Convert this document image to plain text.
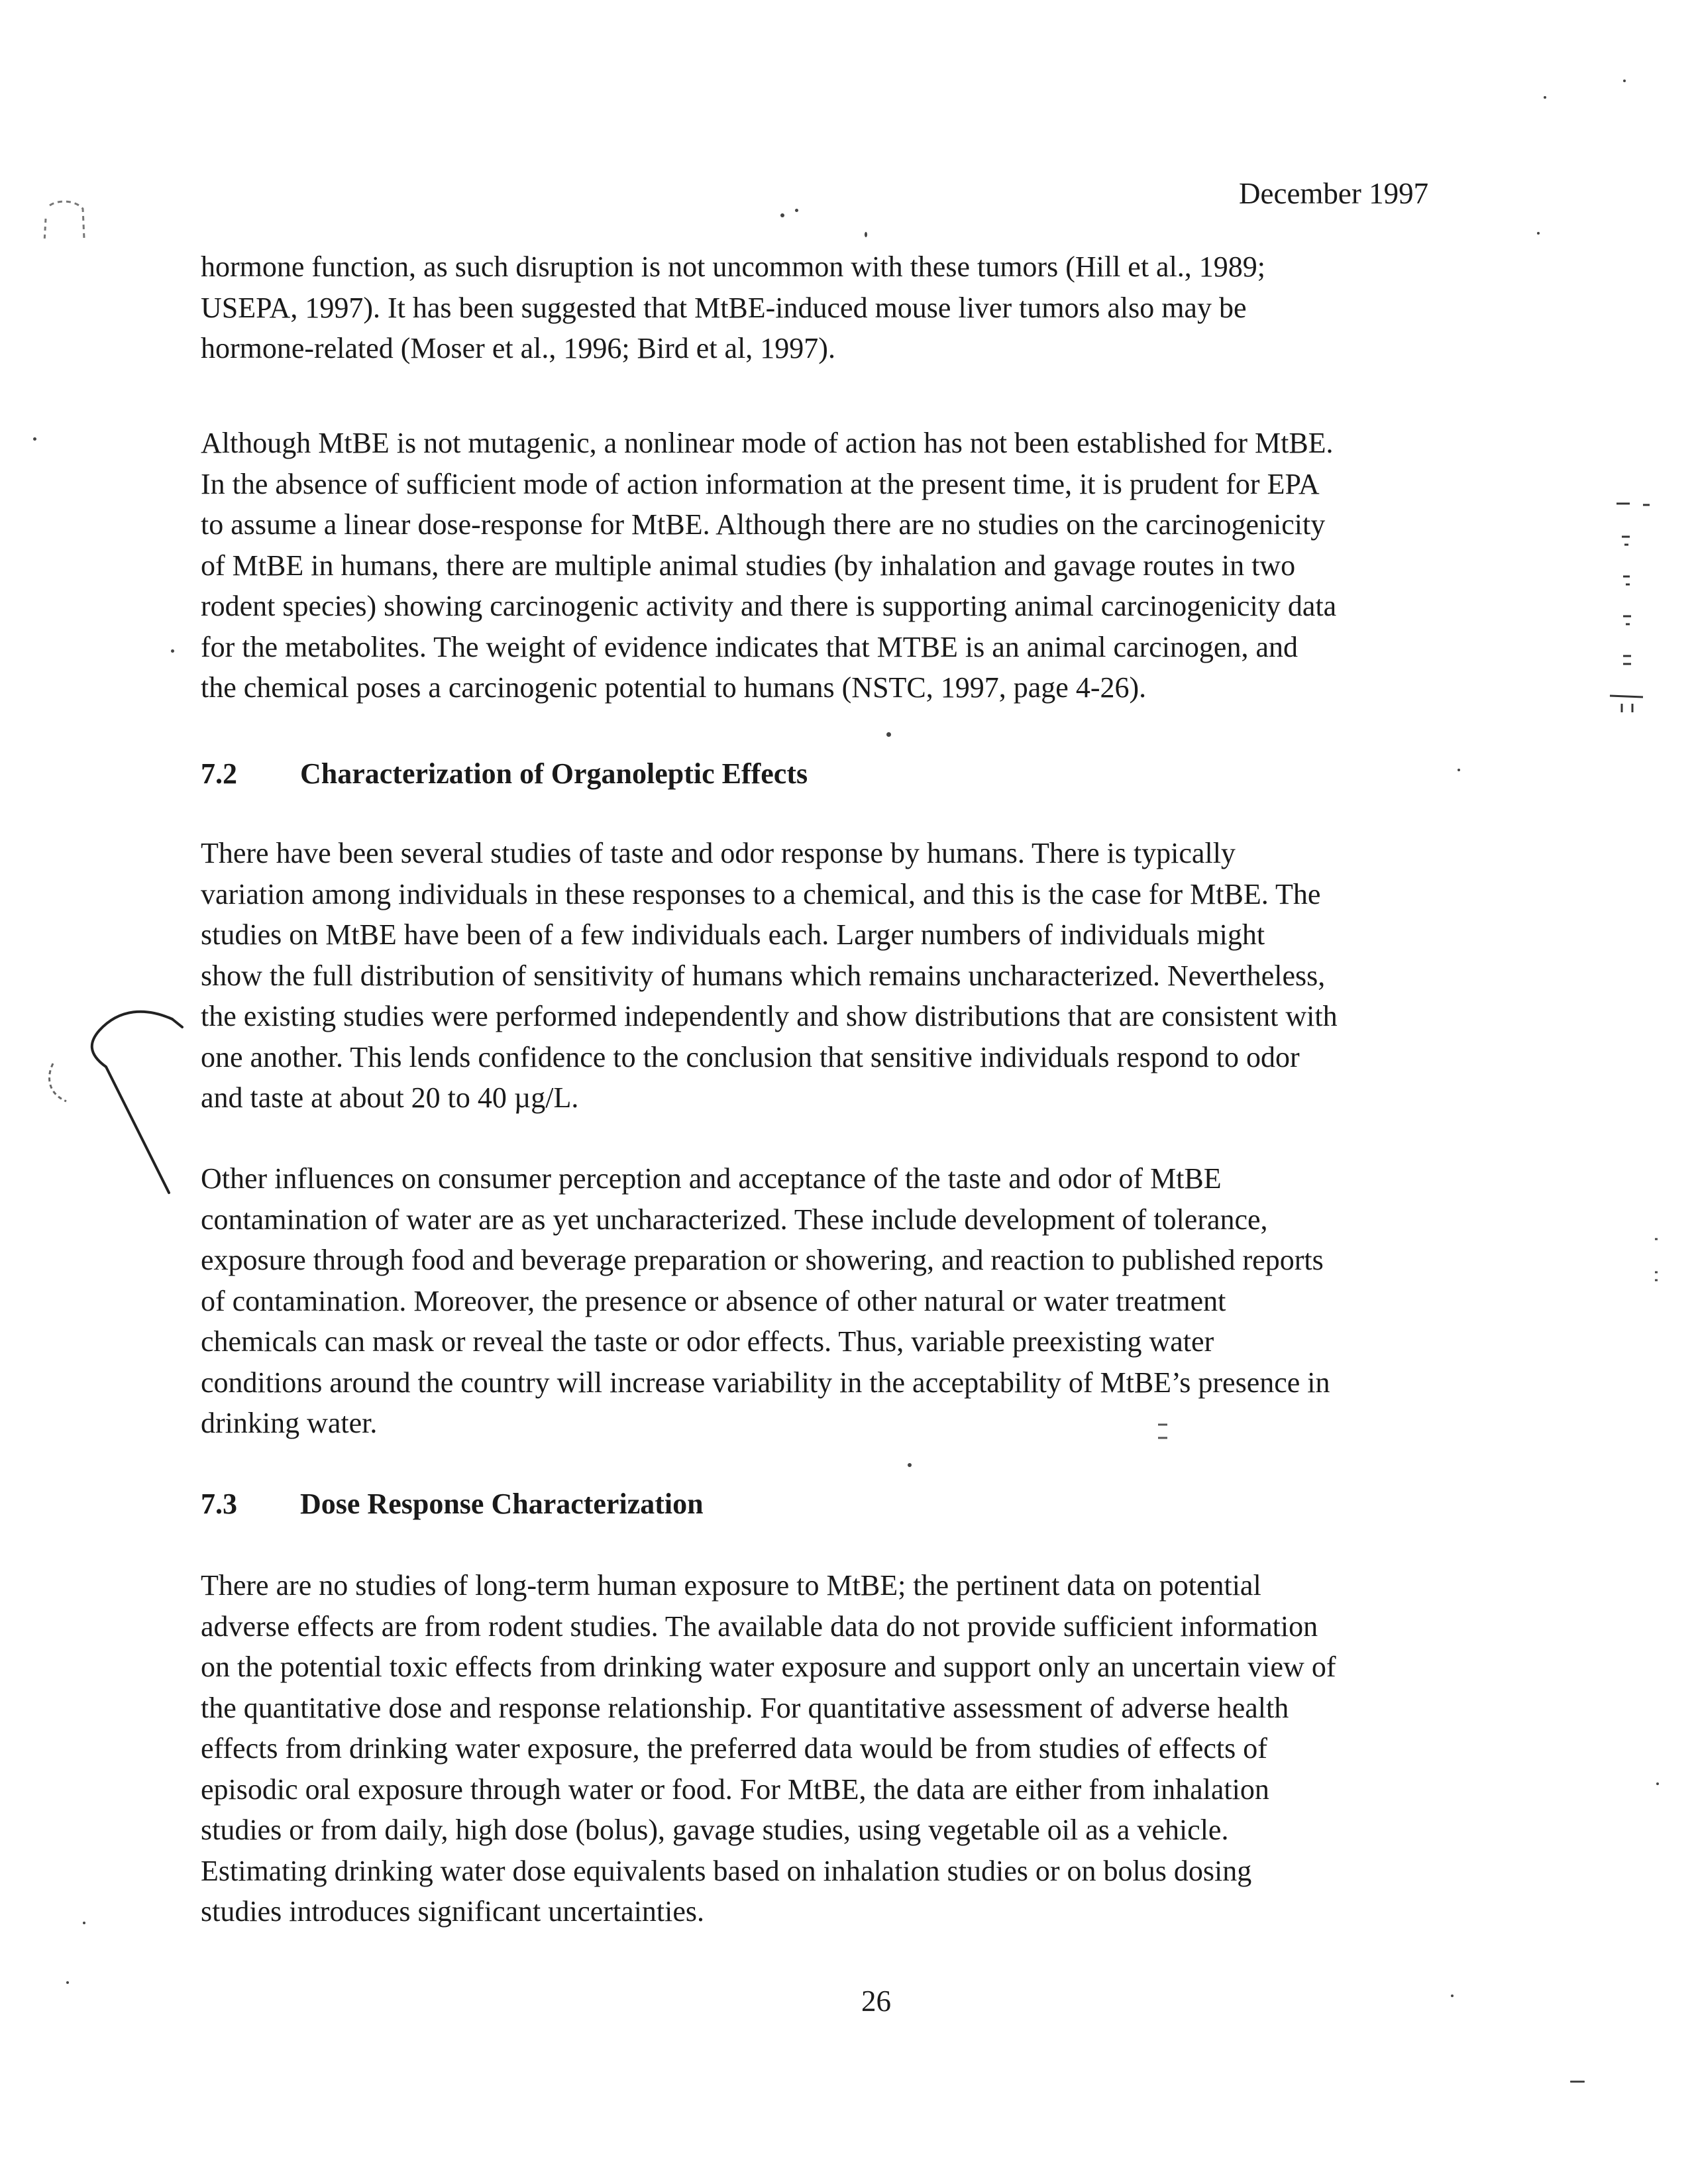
December 1997
hormone function, as such disruption is not uncommon with these tumors (Hill et al., 1989;
USEPA, 1997). It has been suggested that MtBE-induced mouse liver tumors also may be
hormone-related (Moser et al., 1996; Bird et al, 1997).
Although MtBE is not mutagenic, a nonlinear mode of action has not been established for MtBE.
In the absence of sufficient mode of action information at the present time, it is prudent for EPA
to assume a linear dose-response for MtBE. Although there are no studies on the carcinogenicity
of MtBE in humans, there are multiple animal studies (by inhalation and gavage routes in two
rodent species) showing carcinogenic activity and there is supporting animal carcinogenicity data
for the metabolites. The weight of evidence indicates that MTBE is an animal carcinogen, and
the chemical poses a carcinogenic potential to humans (NSTC, 1997, page 4-26).
7.2 Characterization of Organoleptic Effects
There have been several studies of taste and odor response by humans. There is typically
variation among individuals in these responses to a chemical, and this is the case for MtBE. The
studies on MtBE have been of a few individuals each. Larger numbers of individuals might
show the full distribution of sensitivity of humans which remains uncharacterized. Nevertheless,
the existing studies were performed independently and show distributions that are consistent with
one another. This lends confidence to the conclusion that sensitive individuals respond to odor
and taste at about 20 to 40 µg/L.
Other influences on consumer perception and acceptance of the taste and odor of MtBE
contamination of water are as yet uncharacterized. These include development of tolerance,
exposure through food and beverage preparation or showering, and reaction to published reports
of contamination. Moreover, the presence or absence of other natural or water treatment
chemicals can mask or reveal the taste or odor effects. Thus, variable preexisting water
conditions around the country will increase variability in the acceptability of MtBE’s presence in
drinking water.
7.3 Dose Response Characterization
There are no studies of long-term human exposure to MtBE; the pertinent data on potential
adverse effects are from rodent studies. The available data do not provide sufficient information
on the potential toxic effects from drinking water exposure and support only an uncertain view of
the quantitative dose and response relationship. For quantitative assessment of adverse health
effects from drinking water exposure, the preferred data would be from studies of effects of
episodic oral exposure through water or food. For MtBE, the data are either from inhalation
studies or from daily, high dose (bolus), gavage studies, using vegetable oil as a vehicle.
Estimating drinking water dose equivalents based on inhalation studies or on bolus dosing
studies introduces significant uncertainties.
26
